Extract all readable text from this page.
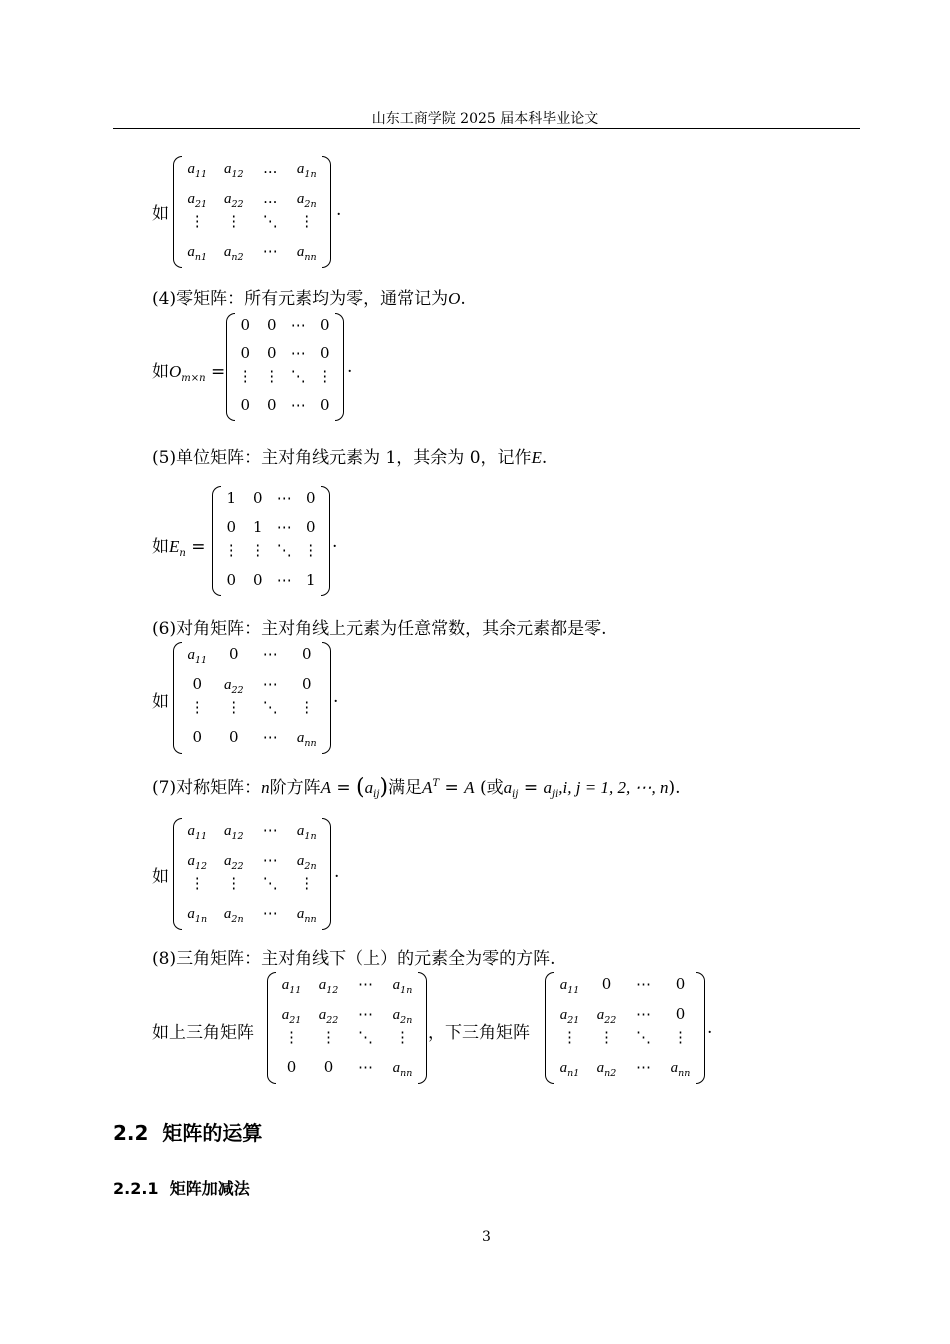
山东工商学院 2025 届本科毕业论文
如
$a_{11}$	$a_{12}$	...	$a_{1n}$
$a_{21}$	$a_{22}$	...	$a_{2n}$
⋮	⋮	⋱	⋮
$a_{n1}$	$a_{n2}$	⋯	$a_{nn}$
.
(4)零矩阵：所有元素均为零，通常记为O.
如$O_{m\times n}$ =
0	0 ⋯ 0
0	0 ⋯ 0
⋮ ⋮ ⋱ ⋮
0	0 ⋯ 0
.
(5)单位矩阵：主对角线元素为 1，其余为 0，记作E.
如$E_n$ =
1	0 ⋯ 0
0	1 ⋯ 0
⋮ ⋮ ⋱ ⋮
0	0 ⋯ 1
.
(6)对角矩阵：主对角线上元素为任意常数，其余元素都是零.
如
$a_{11}$	0	⋯	0
0	$a_{22}$	⋯	0
⋮	⋮	⋱	⋮
0	0	⋯	$a_{nn}$
.
(7)对称矩阵：n阶方阵$A = (a_{ij})$满足$A^T = A$ (或$a_{ij} = a_{ji},i$, j = 1, 2, ⋯, n).
如
$a_{11}$	$a_{12}$	⋯	$a_{1n}$
$a_{12}$	$a_{22}$	⋯	$a_{2n}$
⋮	⋮	⋱	⋮
$a_{1n}$	$a_{2n}$	⋯	$a_{nn}$
.
(8)三角矩阵：主对角线下（上）的元素全为零的方阵.
如上三角矩阵
$a_{11}$	$a_{12}$	⋯	$a_{1n}$
$a_{21}$	$a_{22}$	⋯	$a_{2n}$
⋮	⋮	⋱	⋮
0	0	⋯	$a_{nn}$
，下三角矩阵
$a_{11}$	0	⋯	0
$a_{21}$	$a_{22}$	⋯	0
⋮	⋮	⋱	⋮
$a_{n1}$	$a_{n2}$	⋯	$a_{nn}$
.
2.2 矩阵的运算
2.2.1 矩阵加减法
3
